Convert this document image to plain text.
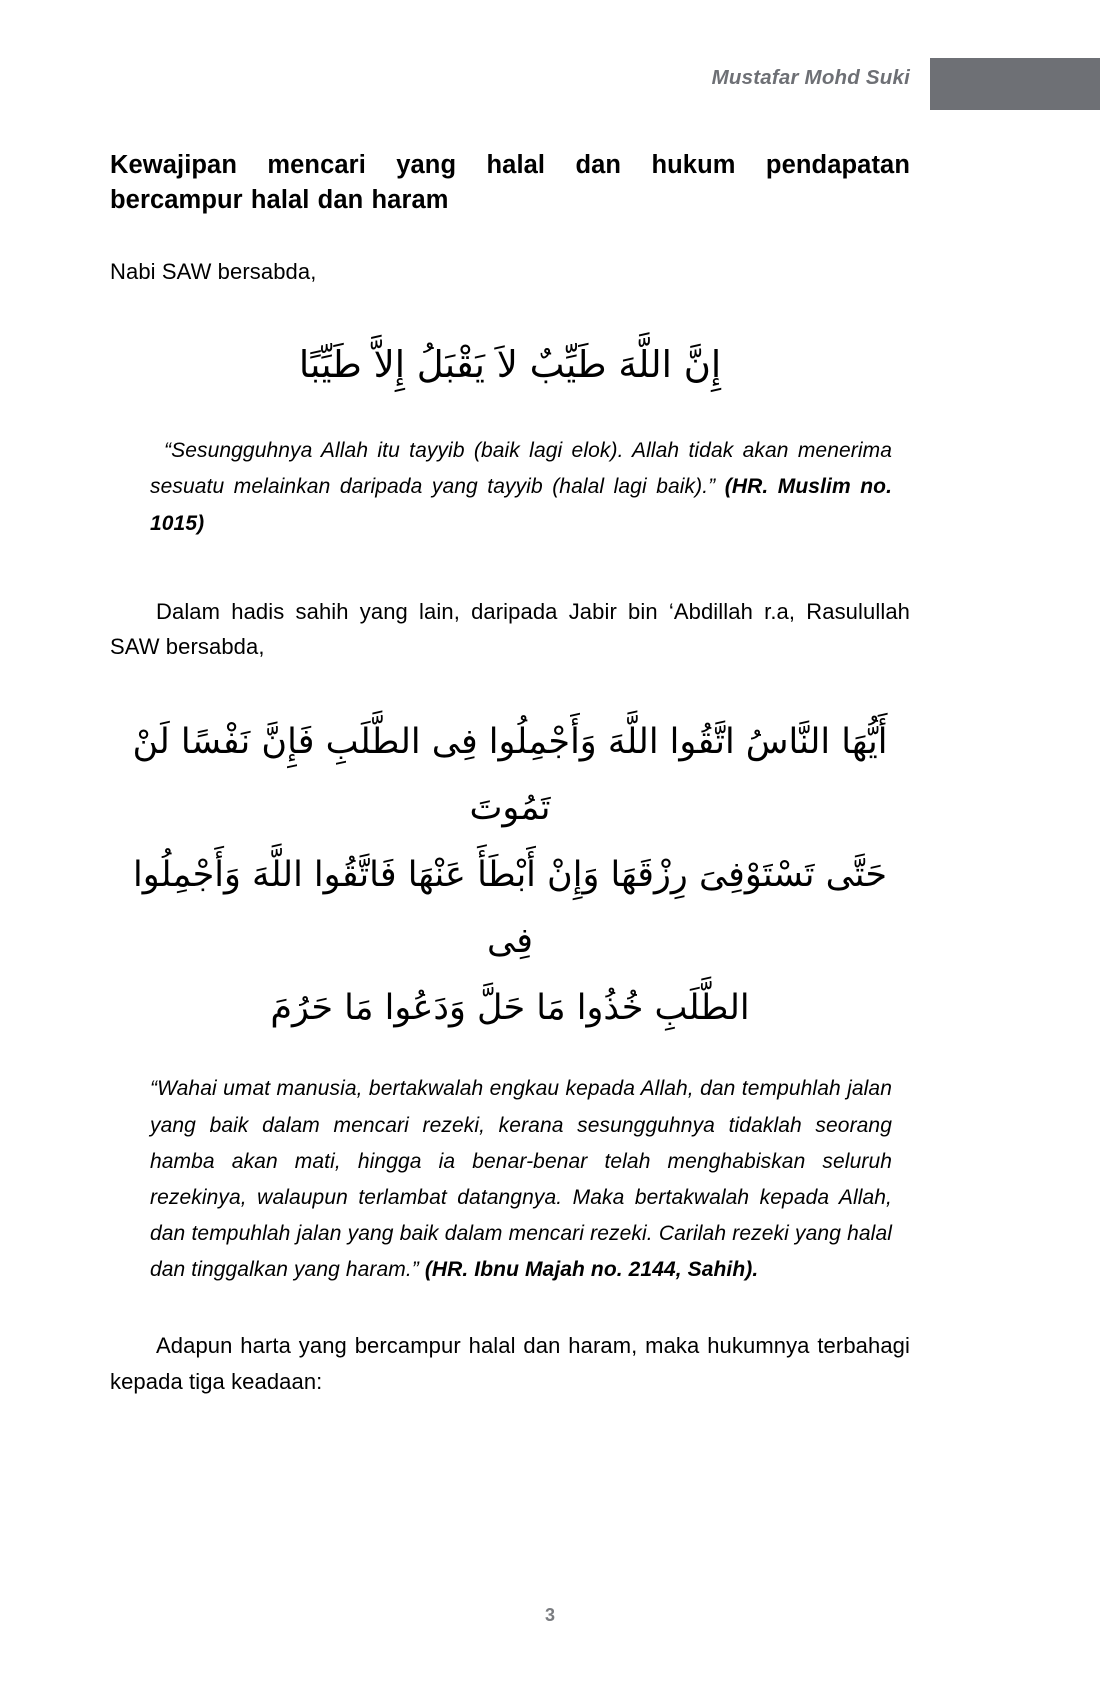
Mustafar Mohd Suki
Kewajipan mencari yang halal dan hukum pendapatan
bercampur halal dan haram

Nabi SAW bersabda,

إِنَّ اللَّهَ طَيِّبٌ لاَ يَقْبَلُ إِلاَّ طَيِّبًا
“Sesungguhnya Allah itu tayyib (baik lagi elok). Allah tidak akan menerima sesuatu melainkan daripada yang tayyib (halal lagi baik).” (HR. Muslim no. 1015)

Dalam hadis sahih yang lain, daripada Jabir bin ‘Abdillah r.a, Rasulullah SAW bersabda,

أَيُّهَا النَّاسُ اتَّقُوا اللَّهَ وَأَجْمِلُوا فِى الطَّلَبِ فَإِنَّ نَفْسًا لَنْ تَمُوتَ
حَتَّى تَسْتَوْفِىَ رِزْقَهَا وَإِنْ أَبْطَأَ عَنْهَا فَاتَّقُوا اللَّهَ وَأَجْمِلُوا فِى
الطَّلَبِ خُذُوا مَا حَلَّ وَدَعُوا مَا حَرُمَ
“Wahai umat manusia, bertakwalah engkau kepada Allah, dan tempuhlah jalan yang baik dalam mencari rezeki, kerana sesungguhnya tidaklah seorang hamba akan mati, hingga ia benar-benar telah menghabiskan seluruh rezekinya, walaupun terlambat datangnya. Maka bertakwalah kepada Allah, dan tempuhlah jalan yang baik dalam mencari rezeki. Carilah rezeki yang halal dan tinggalkan yang haram.” (HR. Ibnu Majah no. 2144, Sahih).

Adapun harta yang bercampur halal dan haram, maka hukumnya terbahagi kepada tiga keadaan:

3
